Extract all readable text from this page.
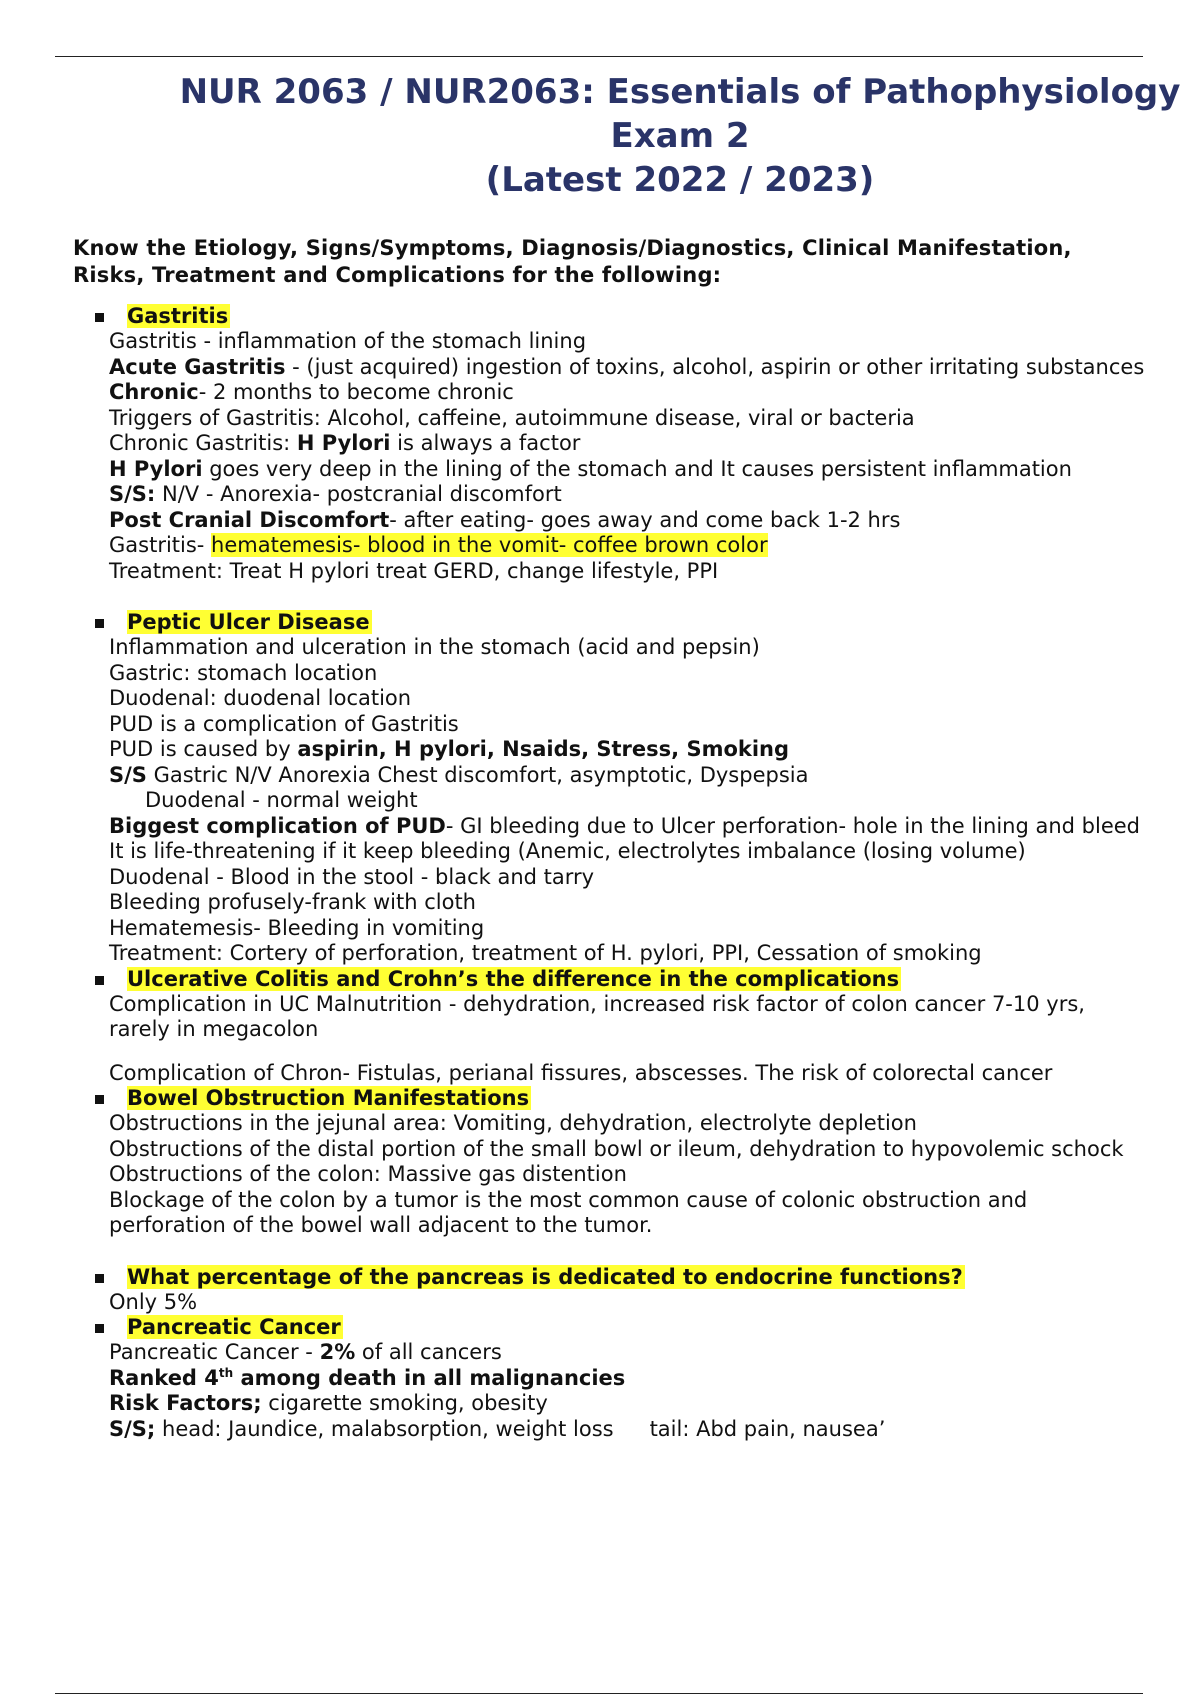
NUR 2063 / NUR2063: Essentials of Pathophysiology Exam 2
(Latest 2022 / 2023)
Know the Etiology, Signs/Symptoms, Diagnosis/Diagnostics, Clinical Manifestation, Risks, Treatment and Complications for the following:

Gastritis

Gastritis - inflammation of the stomach lining

Acute Gastritis - (just acquired) ingestion of toxins, alcohol, aspirin or other irritating substances

Chronic- 2 months to become chronic

Triggers of Gastritis: Alcohol, caffeine, autoimmune disease, viral or bacteria

Chronic Gastritis: H Pylori is always a factor

H Pylori goes very deep in the lining of the stomach and It causes persistent inflammation

S/S: N/V - Anorexia- postcranial discomfort

Post Cranial Discomfort- after eating- goes away and come back 1-2 hrs

Gastritis- hematemesis- blood in the vomit- coffee brown color

Treatment: Treat H pylori treat GERD, change lifestyle, PPI

Peptic Ulcer Disease

Inflammation and ulceration in the stomach (acid and pepsin)

Gastric: stomach location

Duodenal: duodenal location

PUD is a complication of Gastritis

PUD is caused by aspirin, H pylori, Nsaids, Stress, Smoking

S/S Gastric N/V Anorexia Chest discomfort, asymptotic, Dyspepsia

Duodenal - normal weight

Biggest complication of PUD- GI bleeding due to Ulcer perforation- hole in the lining and bleed

It is life-threatening if it keep bleeding (Anemic, electrolytes imbalance (losing volume)

Duodenal - Blood in the stool - black and tarry

Bleeding profusely-frank with cloth

Hematemesis- Bleeding in vomiting

Treatment: Cortery of perforation, treatment of H. pylori, PPI, Cessation of smoking

Ulcerative Colitis and Crohn’s the difference in the complications

Complication in UC Malnutrition - dehydration, increased risk factor of colon cancer 7-10 yrs, rarely in megacolon

Complication of Chron- Fistulas, perianal fissures, abscesses. The risk of colorectal cancer

Bowel Obstruction Manifestations

Obstructions in the jejunal area: Vomiting, dehydration, electrolyte depletion

Obstructions of the distal portion of the small bowl or ileum, dehydration to hypovolemic schock

Obstructions of the colon: Massive gas distention

Blockage of the colon by a tumor is the most common cause of colonic obstruction and perforation of the bowel wall adjacent to the tumor.

What percentage of the pancreas is dedicated to endocrine functions?

Only 5%

Pancreatic Cancer

Pancreatic Cancer - 2% of all cancers

Ranked 4th among death in all malignancies

Risk Factors; cigarette smoking, obesity

S/S; head: Jaundice, malabsorption, weight loss tail: Abd pain, nausea’
